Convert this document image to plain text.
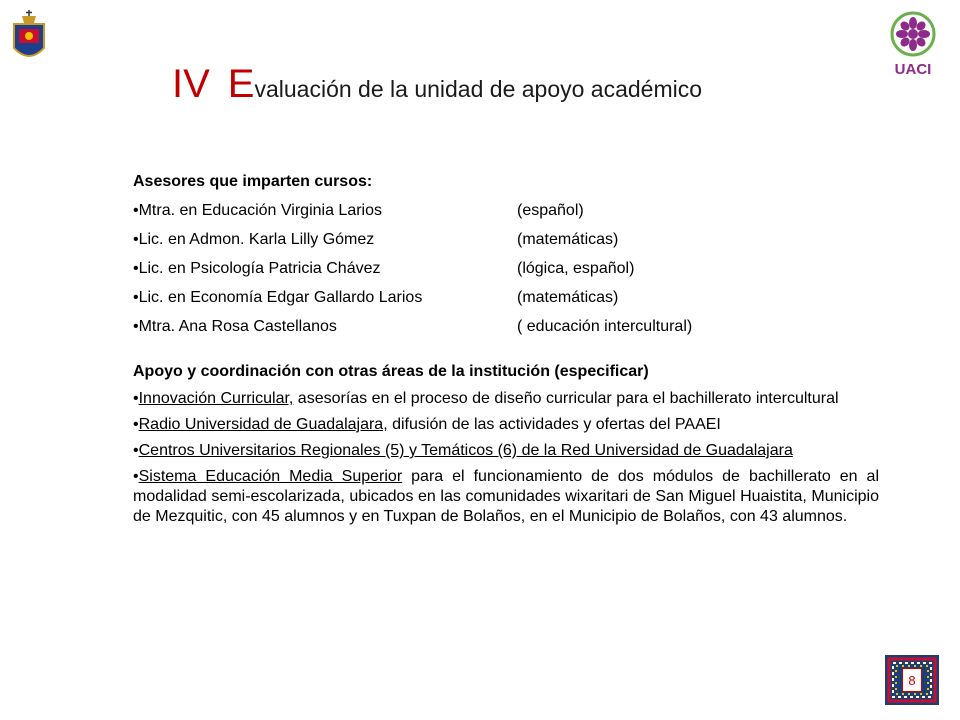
UACI
IV Evaluación de la unidad de apoyo académico
Asesores que imparten cursos:
•Mtra. en Educación Virginia Larios	(español)
•Lic. en Admon. Karla Lilly Gómez	(matemáticas)
•Lic. en Psicología Patricia Chávez	(lógica, español)
•Lic. en Economía Edgar Gallardo Larios	(matemáticas)
•Mtra. Ana Rosa Castellanos	( educación intercultural)
Apoyo y coordinación con otras áreas de la institución (especificar)

•Innovación Curricular, asesorías en el proceso de diseño curricular para el bachillerato intercultural

•Radio Universidad de Guadalajara, difusión de las actividades y ofertas del PAAEI

•Centros Universitarios Regionales (5) y Temáticos (6) de la Red Universidad de Guadalajara

•Sistema Educación Media Superior para el funcionamiento de dos módulos de bachillerato en al modalidad semi-escolarizada, ubicados en las comunidades wixaritari de San Miguel Huaistita, Municipio de Mezquitic, con 45 alumnos y en Tuxpan de Bolaños, en el Municipio de Bolaños, con 43 alumnos.

8
